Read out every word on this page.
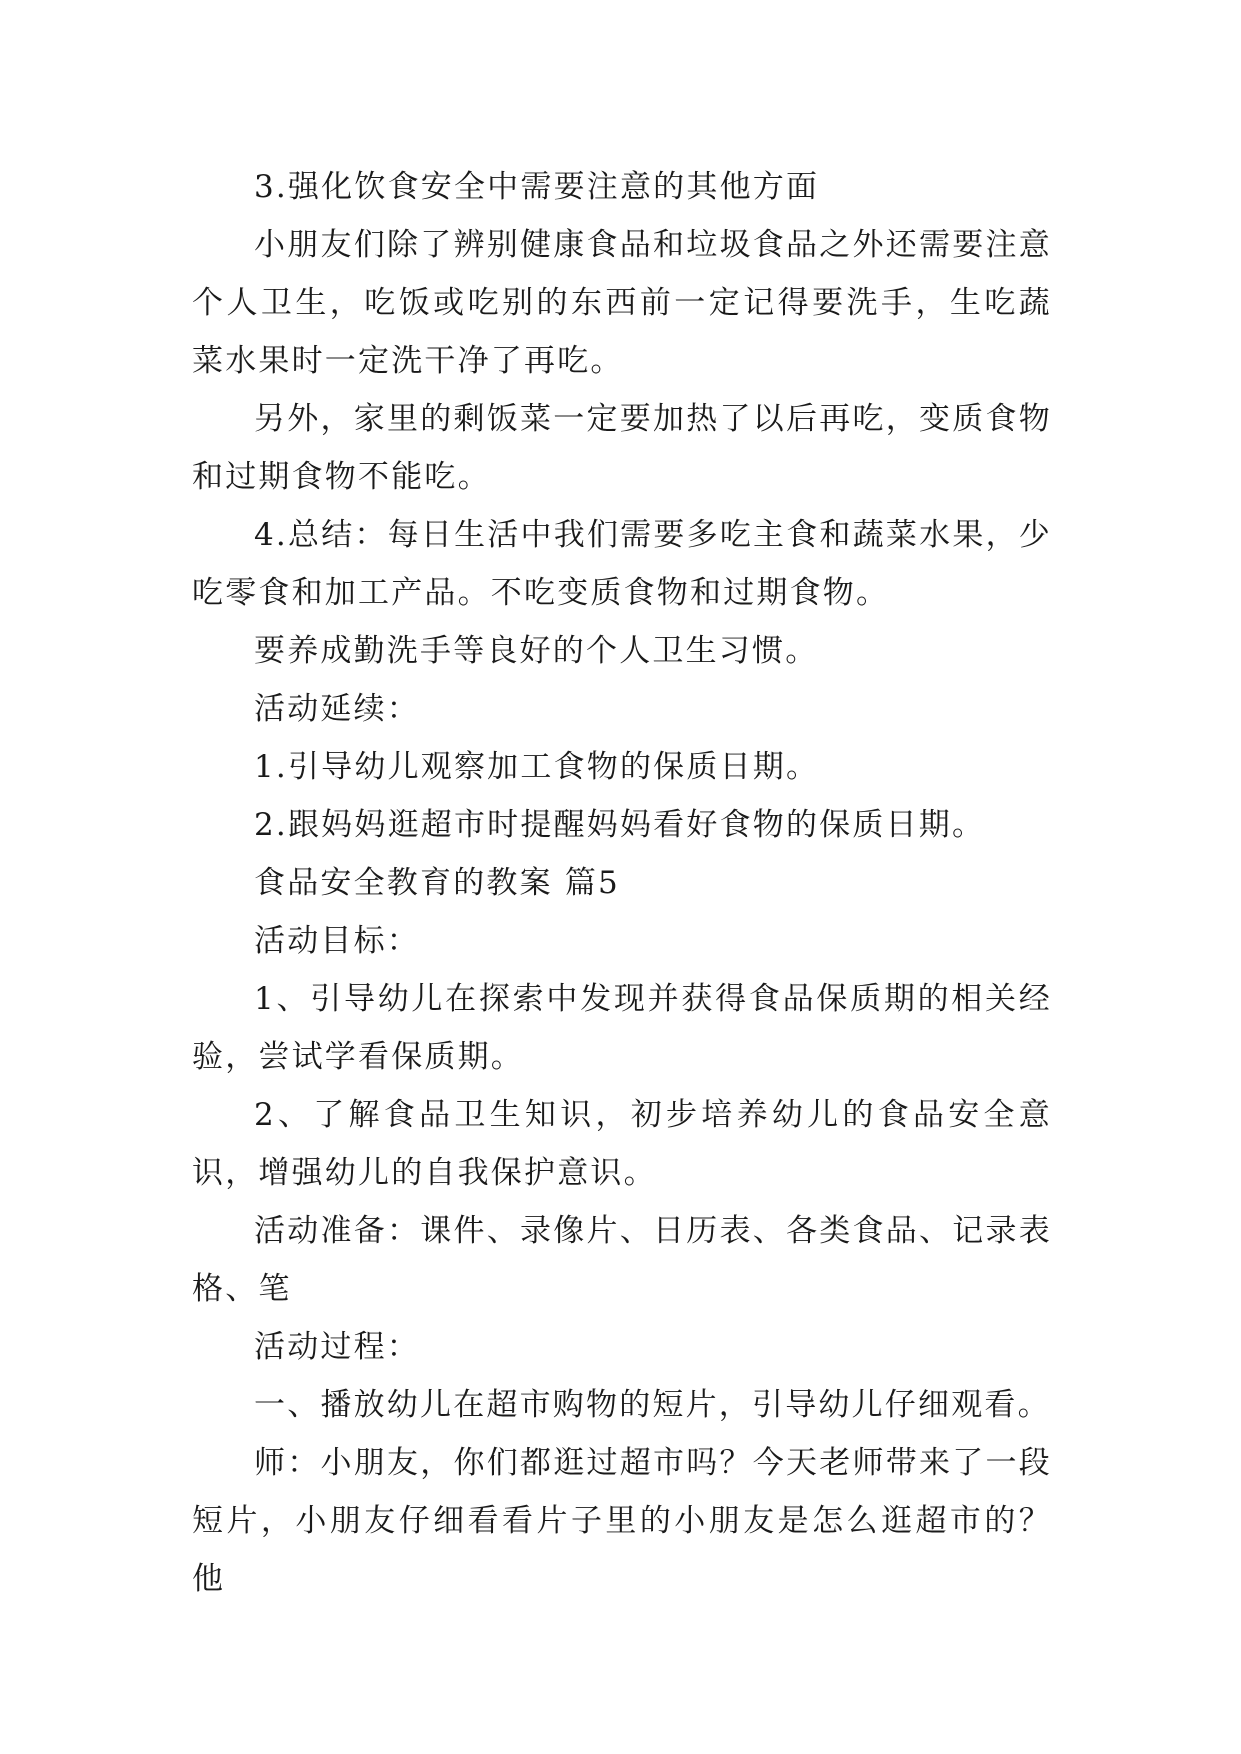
3.强化饮食安全中需要注意的其他方面

小朋友们除了辨别健康食品和垃圾食品之外还需要注意个人卫生，吃饭或吃别的东西前一定记得要洗手，生吃蔬菜水果时一定洗干净了再吃。

另外，家里的剩饭菜一定要加热了以后再吃，变质食物和过期食物不能吃。

4.总结：每日生活中我们需要多吃主食和蔬菜水果，少吃零食和加工产品。不吃变质食物和过期食物。

要养成勤洗手等良好的个人卫生习惯。

活动延续：

1.引导幼儿观察加工食物的保质日期。

2.跟妈妈逛超市时提醒妈妈看好食物的保质日期。

食品安全教育的教案 篇5

活动目标：

1、引导幼儿在探索中发现并获得食品保质期的相关经验，尝试学看保质期。

2、了解食品卫生知识，初步培养幼儿的食品安全意识，增强幼儿的自我保护意识。

活动准备：课件、录像片、日历表、各类食品、记录表格、笔

活动过程：

一、播放幼儿在超市购物的短片，引导幼儿仔细观看。

师：小朋友，你们都逛过超市吗？今天老师带来了一段短片，小朋友仔细看看片子里的小朋友是怎么逛超市的？他
